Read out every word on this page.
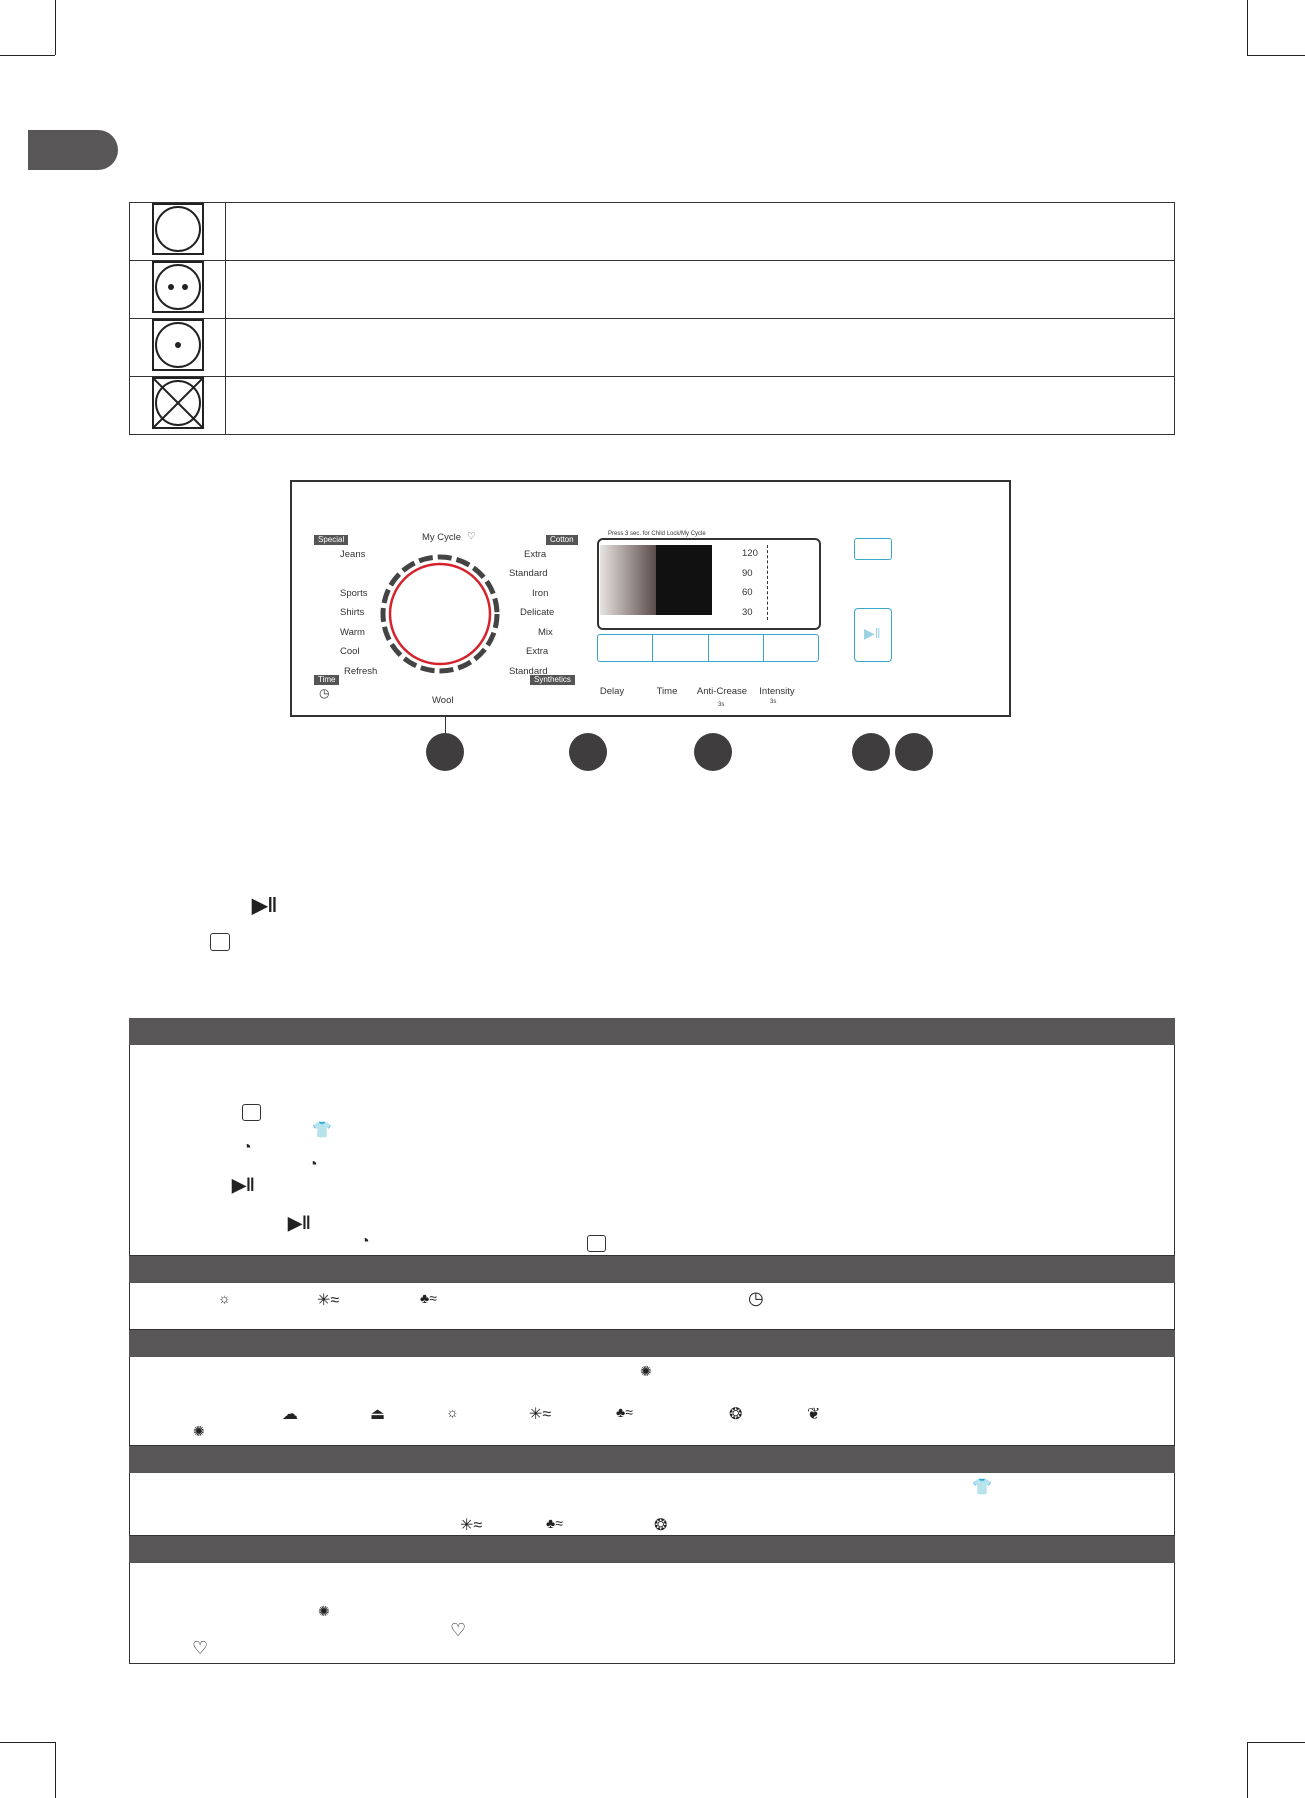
My Cycle ♡
Wool
Special
Time
Cotton
Synthetics
Jeans
Sports
Shirts
Warm
Cool
Refresh
Extra
Standard
Iron
Delicate
Mix
Extra
Standard
◷
Press 3 sec. for Child Lock/My Cycle
120
90
60
30
Delay	Time	Anti-Crease	Intensity
3s	3s
▶‖
▶‖
👕
◔
◔
▶‖
▶‖
◔
☼	✳≈	♣≈	◷
✺
☁	⏏	☼	✳≈	♣≈	❂	❦
✺
👕
✳≈	♣≈	❂
✺
♡
♡
